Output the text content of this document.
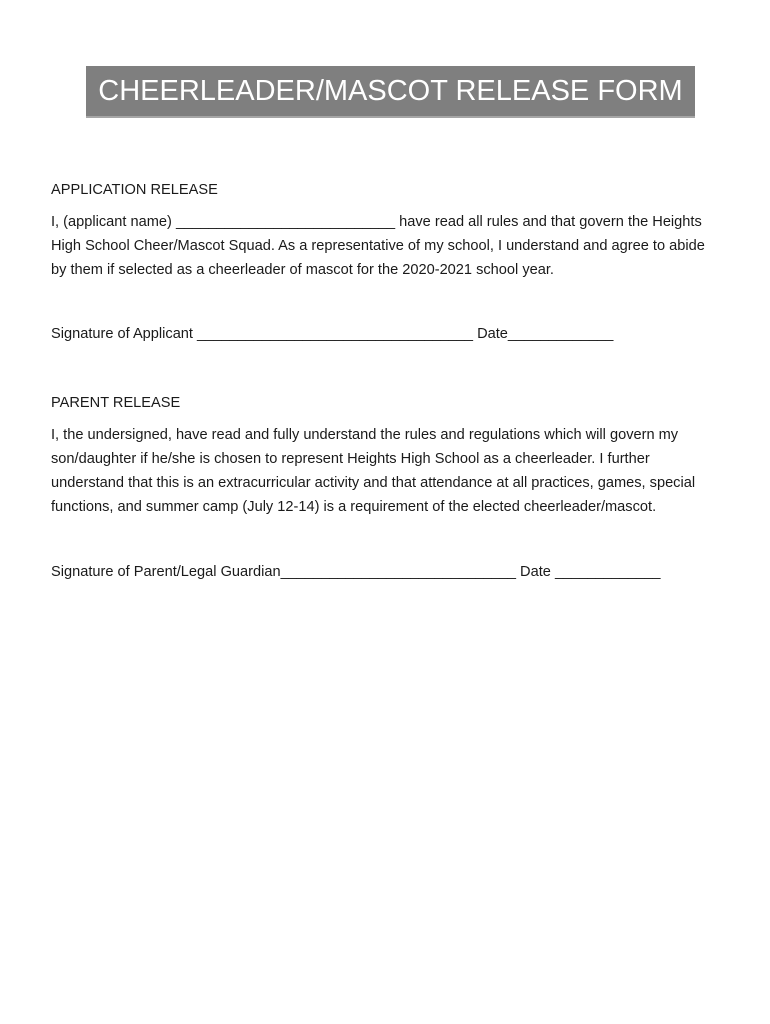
CHEERLEADER/MASCOT RELEASE FORM

APPLICATION RELEASE

I, (applicant name) ___________________________ have read all rules and that govern the Heights High School Cheer/Mascot Squad. As a representative of my school, I understand and agree to abide by them if selected as a cheerleader of mascot for the 2020-2021 school year.

Signature of Applicant __________________________________ Date_____________

PARENT RELEASE

I, the undersigned, have read and fully understand the rules and regulations which will govern my son/daughter if he/she is chosen to represent Heights High School as a cheerleader. I further understand that this is an extracurricular activity and that attendance at all practices, games, special functions, and summer camp (July 12-14) is a requirement of the elected cheerleader/mascot.

Signature of Parent/Legal Guardian_____________________________ Date _____________
